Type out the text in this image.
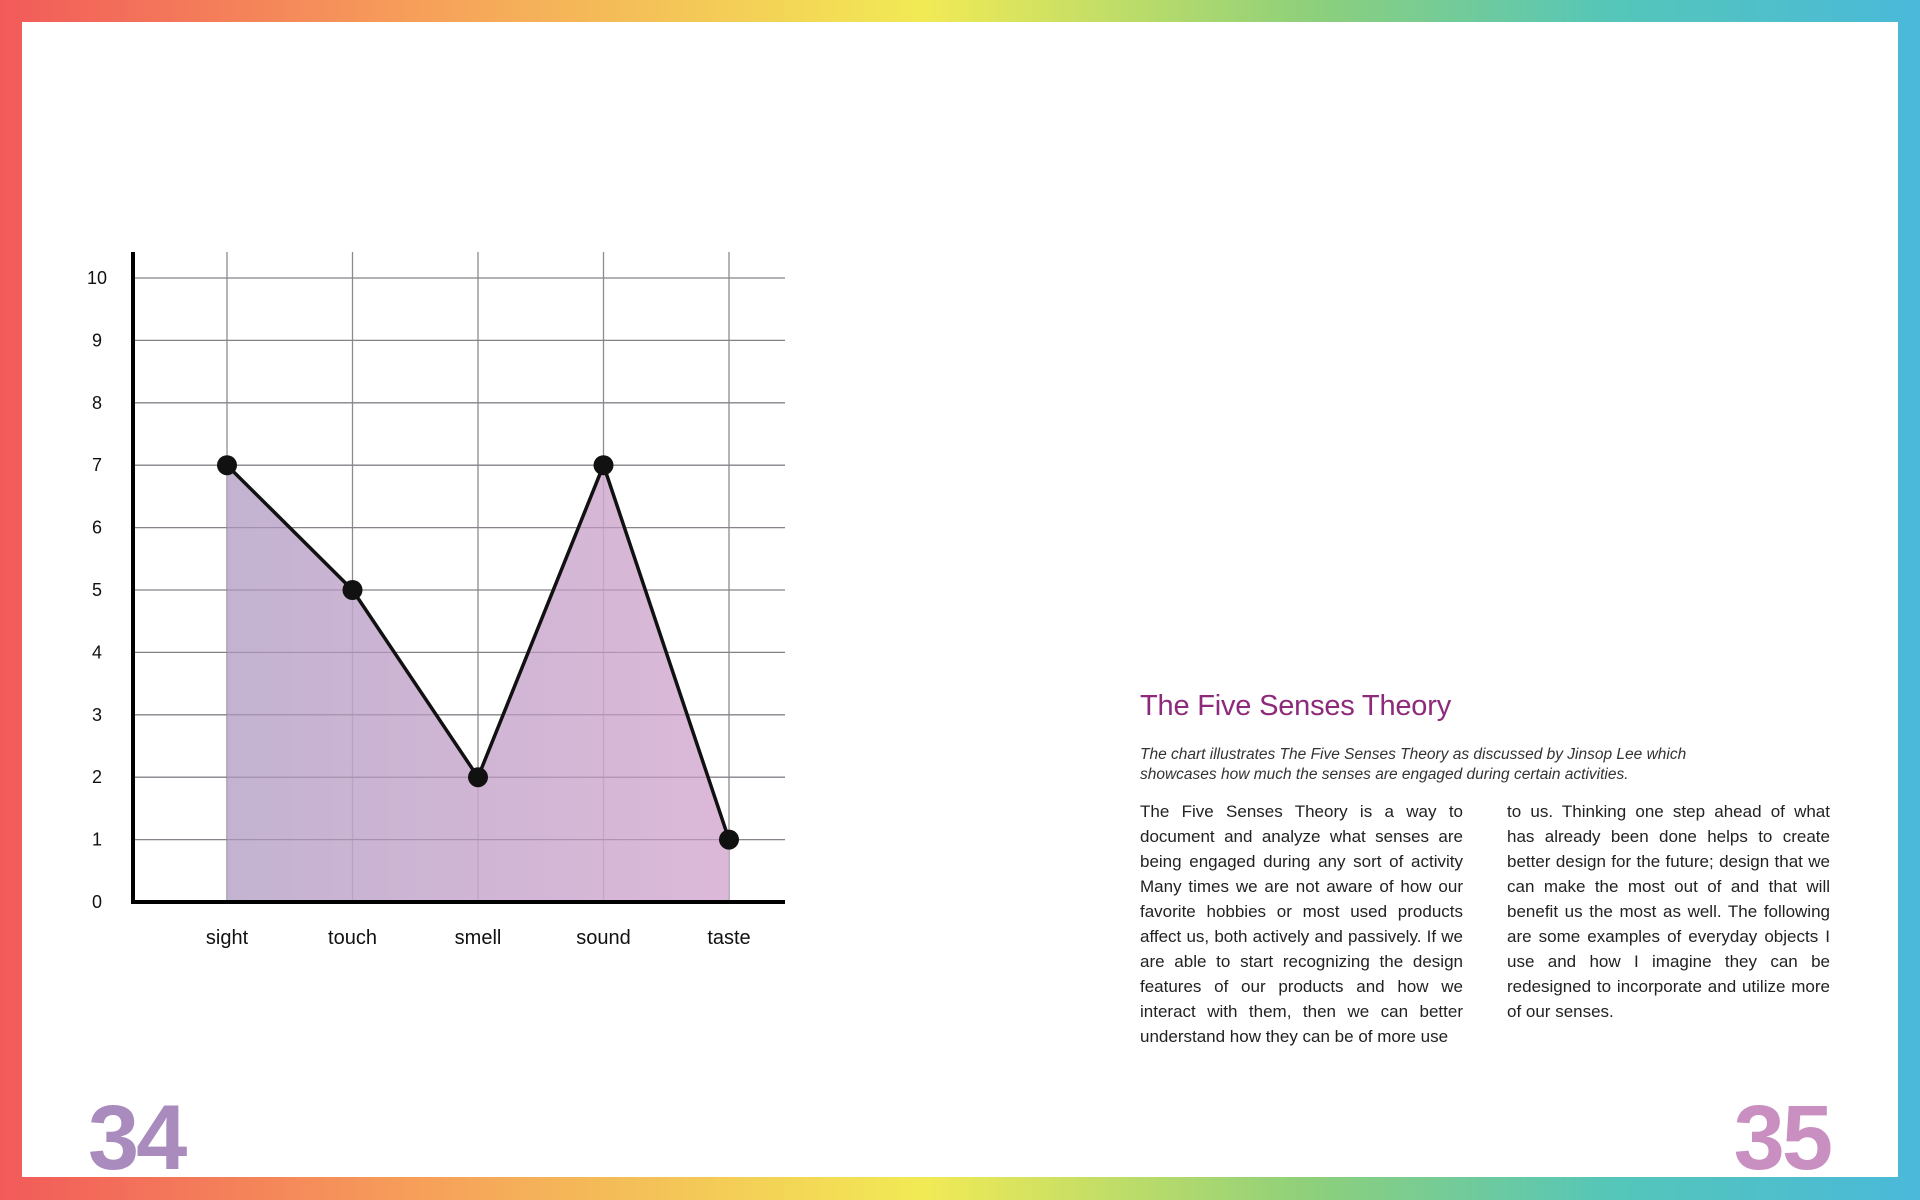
0
1
2
3
4
5
6
7
8
9
10
sight	touch	smell	sound	taste
The Five Senses Theory

The chart illustrates The Five Senses Theory as discussed by Jinsop Lee which showcases how much the senses are engaged during certain activities.

The Five Senses Theory is a way to document and analyze what senses are being engaged during any sort of activity Many times we are not aware of how our favorite hobbies or most used products affect us, both actively and passively. If we are able to start recognizing the design features of our products and how we interact with them, then we can better understand how they can be of more use
to us. Thinking one step ahead of what has already been done helps to create better design for the future; design that we can make the most out of and that will benefit us the most as well. The following are some examples of everyday objects I use and how I imagine they can be redesigned to incorporate and utilize more of our senses.
34	35
